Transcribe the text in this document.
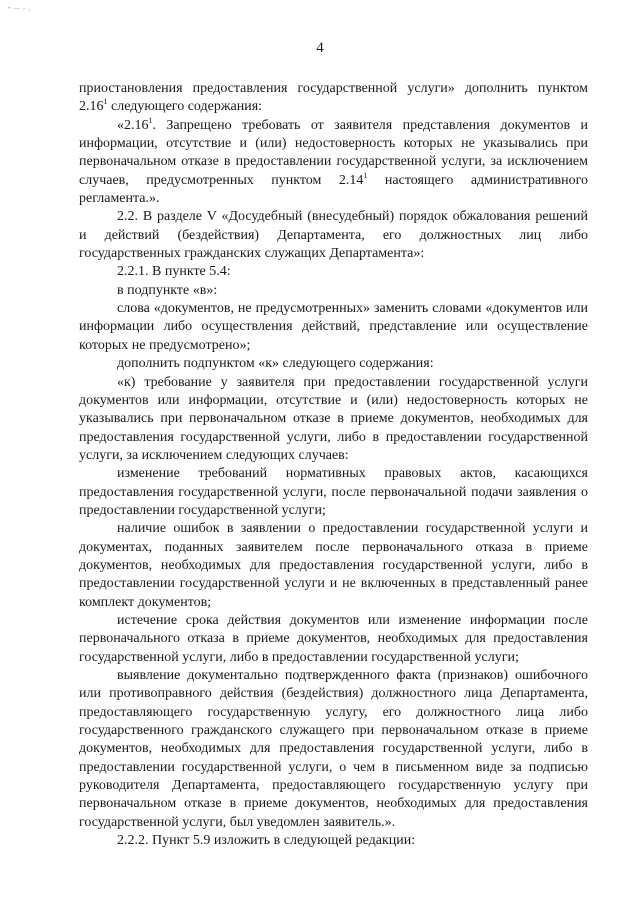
• — - ,
4

приостановления предоставления государственной услуги» дополнить пунктом

2.16$^1$ следующего содержания:

«2.16$^1$. Запрещено требовать от заявителя представления документов и информации, отсутствие и (или) недостоверность которых не указывались при первоначальном отказе в предоставлении государственной услуги, за исключением случаев, предусмотренных пунктом 2.14$^1$ настоящего административного регламента.».

2.2. В разделе V «Досудебный (внесудебный) порядок обжалования решений и действий (бездействия) Департамента, его должностных лиц либо государственных гражданских служащих Департамента»:

2.2.1. В пункте 5.4:

в подпункте «в»:

слова «документов, не предусмотренных» заменить словами «документов или информации либо осуществления действий, представление или осуществление которых не предусмотрено»;

дополнить подпунктом «к» следующего содержания:

«к) требование у заявителя при предоставлении государственной услуги документов или информации, отсутствие и (или) недостоверность которых не указывались при первоначальном отказе в приеме документов, необходимых для предоставления государственной услуги, либо в предоставлении государственной услуги, за исключением следующих случаев:

изменение требований нормативных правовых актов, касающихся предоставления государственной услуги, после первоначальной подачи заявления о предоставлении государственной услуги;

наличие ошибок в заявлении о предоставлении государственной услуги и документах, поданных заявителем после первоначального отказа в приеме документов, необходимых для предоставления государственной услуги, либо в предоставлении государственной услуги и не включенных в представленный ранее комплект документов;

истечение срока действия документов или изменение информации после первоначального отказа в приеме документов, необходимых для предоставления государственной услуги, либо в предоставлении государственной услуги;

выявление документально подтвержденного факта (признаков) ошибочного или противоправного действия (бездействия) должностного лица Департамента, предоставляющего государственную услугу, его должностного лица либо государственного гражданского служащего при первоначальном отказе в приеме документов, необходимых для предоставления государственной услуги, либо в предоставлении государственной услуги, о чем в письменном виде за подписью руководителя Департамента, предоставляющего государственную услугу при первоначальном отказе в приеме документов, необходимых для предоставления государственной услуги, был уведомлен заявитель.».

2.2.2. Пункт 5.9 изложить в следующей редакции:
